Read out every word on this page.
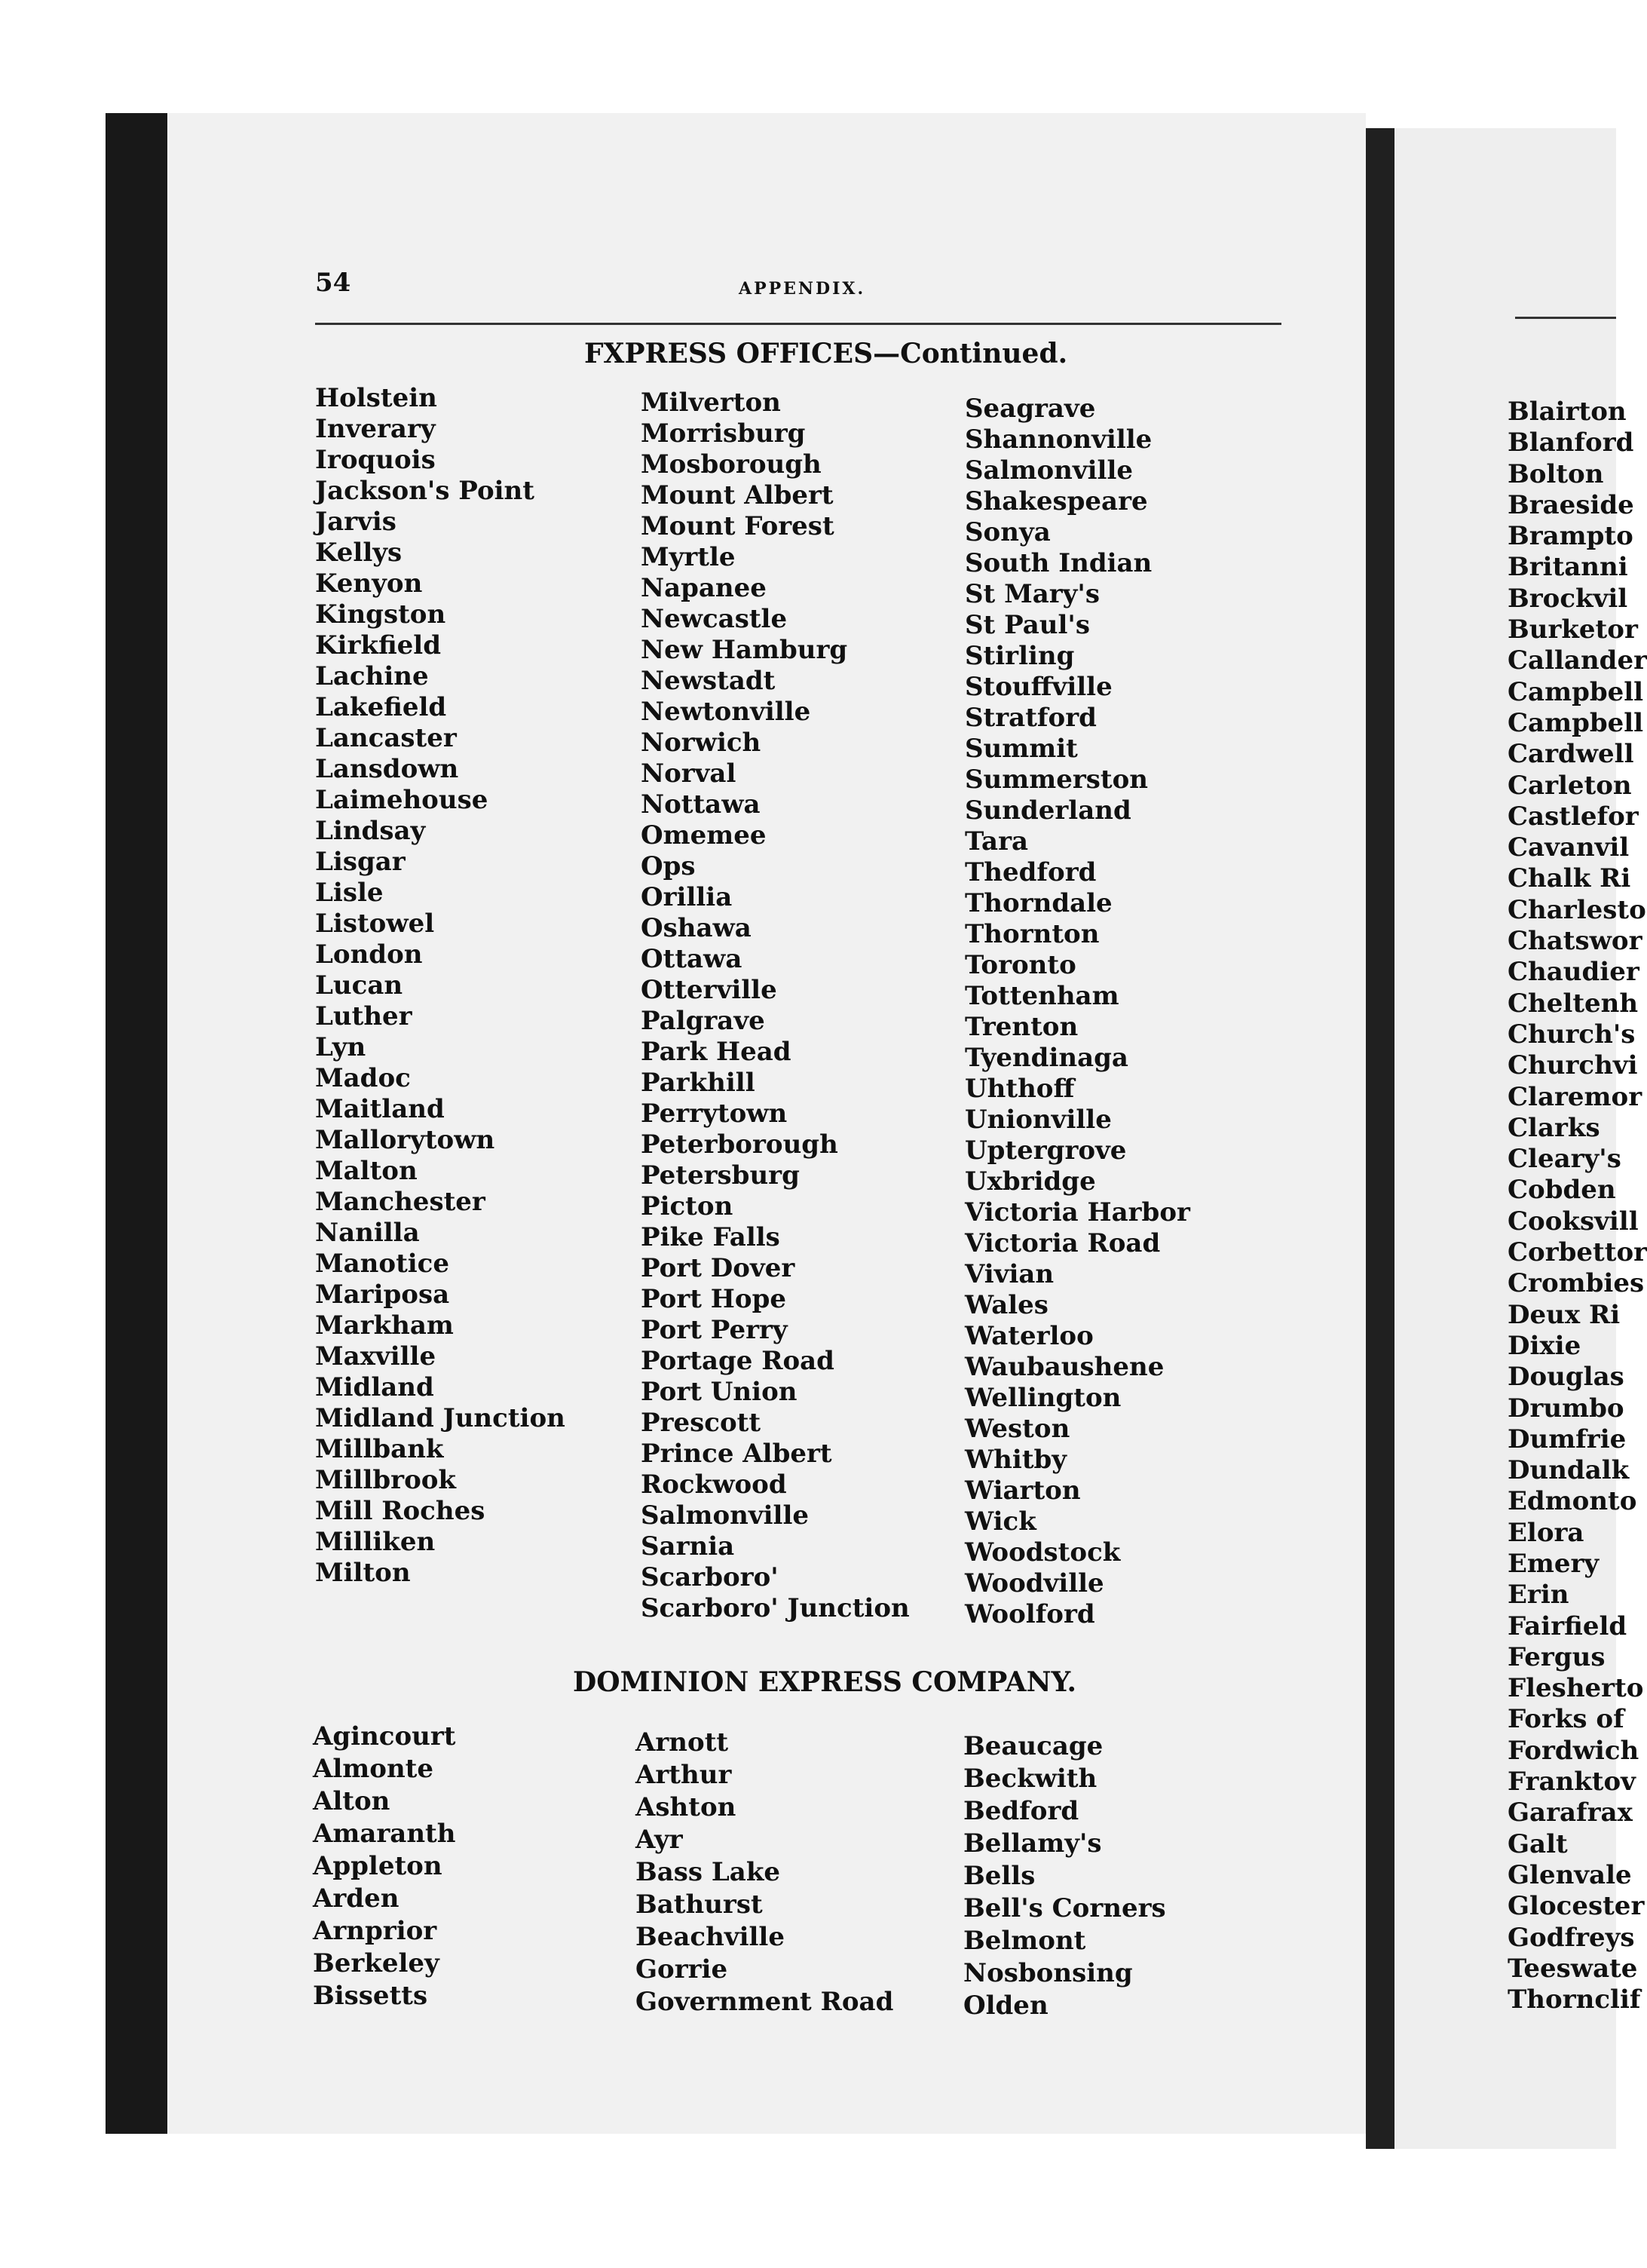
54	APPENDIX.
FXPRESS OFFICES—Continued.
Holstein
Inverary
Iroquois
Jackson's Point
Jarvis
Kellys
Kenyon
Kingston
Kirkfield
Lachine
Lakefield
Lancaster
Lansdown
Laimehouse
Lindsay
Lisgar
Lisle
Listowel
London
Lucan
Luther
Lyn
Madoc
Maitland
Mallorytown
Malton
Manchester
Nanilla
Manotice
Mariposa
Markham
Maxville
Midland
Midland Junction
Millbank
Millbrook
Mill Roches
Milliken
Milton
Milverton
Morrisburg
Mosborough
Mount Albert
Mount Forest
Myrtle
Napanee
Newcastle
New Hamburg
Newstadt
Newtonville
Norwich
Norval
Nottawa
Omemee
Ops
Orillia
Oshawa
Ottawa
Otterville
Palgrave
Park Head
Parkhill
Perrytown
Peterborough
Petersburg
Picton
Pike Falls
Port Dover
Port Hope
Port Perry
Portage Road
Port Union
Prescott
Prince Albert
Rockwood
Salmonville
Sarnia
Scarboro'
Scarboro' Junction
Seagrave
Shannonville
Salmonville
Shakespeare
Sonya
South Indian
St Mary's
St Paul's
Stirling
Stouffville
Stratford
Summit
Summerston
Sunderland
Tara
Thedford
Thorndale
Thornton
Toronto
Tottenham
Trenton
Tyendinaga
Uhthoff
Unionville
Uptergrove
Uxbridge
Victoria Harbor
Victoria Road
Vivian
Wales
Waterloo
Waubaushene
Wellington
Weston
Whitby
Wiarton
Wick
Woodstock
Woodville
Woolford
DOMINION EXPRESS COMPANY.
Agincourt
Almonte
Alton
Amaranth
Appleton
Arden
Arnprior
Berkeley
Bissetts
Arnott
Arthur
Ashton
Ayr
Bass Lake
Bathurst
Beachville
Gorrie
Government Road
Beaucage
Beckwith
Bedford
Bellamy's
Bells
Bell's Corners
Belmont
Nosbonsing
Olden
Blairton
Blanford
Bolton
Braeside
Brampto
Britanni
Brockvil
Burketor
Callander
Campbell
Campbell
Cardwell
Carleton
Castlefor
Cavanvil
Chalk Ri
Charlesto
Chatswor
Chaudier
Cheltenh
Church's
Churchvi
Claremor
Clarks
Cleary's
Cobden
Cooksvill
Corbettor
Crombies
Deux Ri
Dixie
Douglas
Drumbo
Dumfrie
Dundalk
Edmonto
Elora
Emery
Erin
Fairfield
Fergus
Flesherto
Forks of
Fordwich
Franktov
Garafrax
Galt
Glenvale
Glocester
Godfreys
Teeswate
Thornclif
